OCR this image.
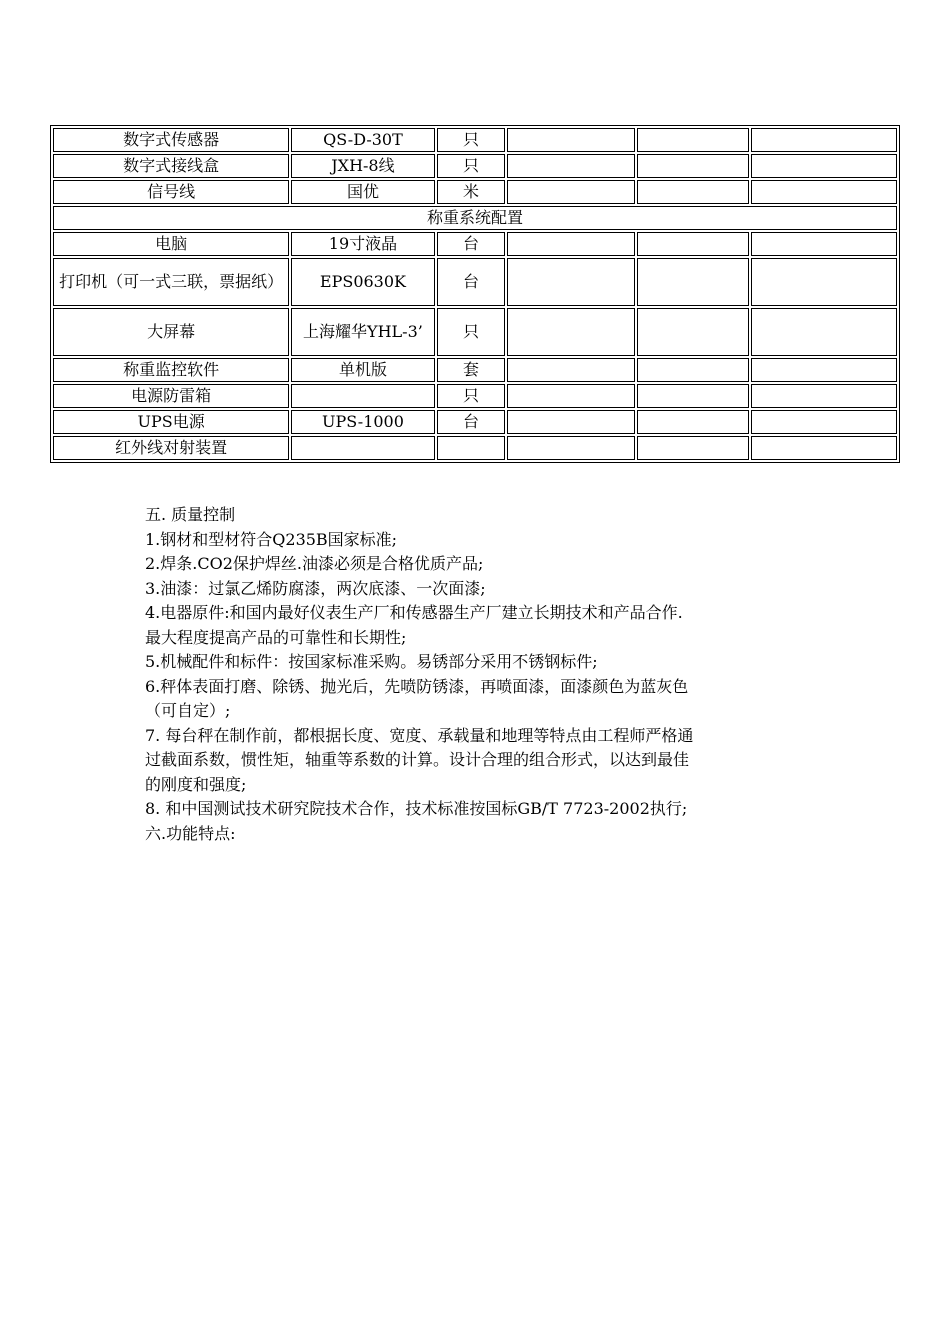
数字式传感器	QS-D-30T	只			
数字式接线盒	JXH-8线	只			
信号线	国优	米			
称重系统配置					
电脑	19寸液晶	台			
打印机（可一式三联，票据纸）	EPS0630K	台			
大屏幕	上海耀华YHL-3’	只			
称重监控软件	单机版	套			
电源防雷箱		只			
UPS电源	UPS-1000	台			
红外线对射装置					

五. 质量控制

1.钢材和型材符合Q235B国家标准;

2.焊条.CO2保护焊丝.油漆必须是合格优质产品;

3.油漆：过氯乙烯防腐漆，两次底漆、一次面漆;

4.电器原件:和国内最好仪表生产厂和传感器生产厂建立长期技术和产品合作.

最大程度提高产品的可靠性和长期性;

5.机械配件和标件：按国家标准采购。易锈部分采用不锈钢标件;

6.秤体表面打磨、除锈、抛光后，先喷防锈漆，再喷面漆，面漆颜色为蓝灰色

（可自定）;

7. 每台秤在制作前，都根据长度、宽度、承载量和地理等特点由工程师严格通

过截面系数，惯性矩，轴重等系数的计算。设计合理的组合形式，以达到最佳

的刚度和强度;

8. 和中国测试技术研究院技术合作，技术标准按国标GB/T 7723-2002执行;

六.功能特点:
